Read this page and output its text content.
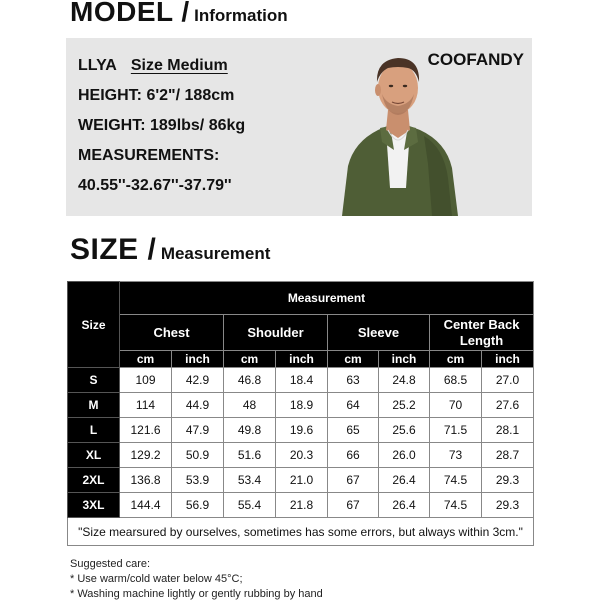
MODEL / Information
LLYA Size Medium
HEIGHT: 6'2"/ 188cm
WEIGHT: 189lbs/ 86kg
MEASUREMENTS:
40.55''-32.67''-37.79''
COOFANDY
SIZE / Measurement
Size	Measurement							
	Chest		Shoulder		Sleeve		Center Back Length	
	cm	inch	cm	inch	cm	inch	cm	inch
S	109	42.9	46.8	18.4	63	24.8	68.5	27.0
M	114	44.9	48	18.9	64	25.2	70	27.6
L	121.6	47.9	49.8	19.6	65	25.6	71.5	28.1
XL	129.2	50.9	51.6	20.3	66	26.0	73	28.7
2XL	136.8	53.9	53.4	21.0	67	26.4	74.5	29.3
3XL	144.4	56.9	55.4	21.8	67	26.4	74.5	29.3
"Size mearsured by ourselves, sometimes has some errors, but always within 3cm."								
Suggested care:
* Use warm/cold water below 45°C;
* Washing machine lightly or gently rubbing by hand
